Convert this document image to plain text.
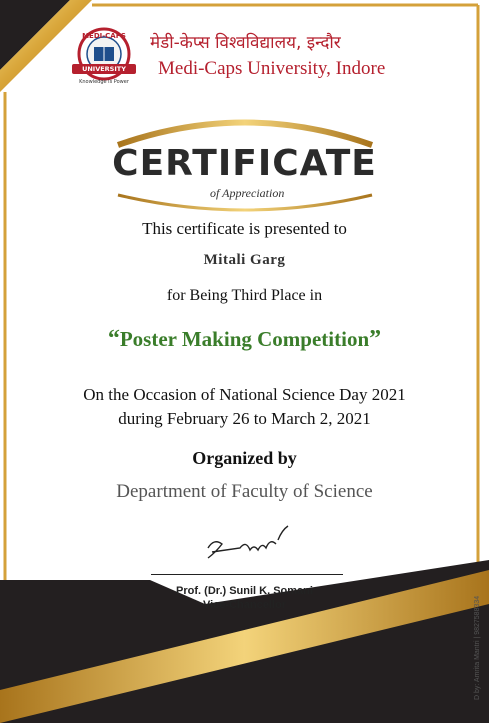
MEDI-CAPS
UNIVERSITY
Knowledge is Power
मेडी-केप्स विश्वविद्यालय, इन्दौर
Medi-Caps University, Indore
CERTIFICATE
of Appreciation
This certificate is presented to
Mitali Garg
for Being Third Place in
“Poster Making Competition”
On the Occasion of National Science Day 2021
during February 26 to March 2, 2021
Organized by
Department of Faculty of Science
Prof. (Dr.) Sunil K. Somani
Vice-Chancellor	D by: Amrita Mantri | 9827588334
